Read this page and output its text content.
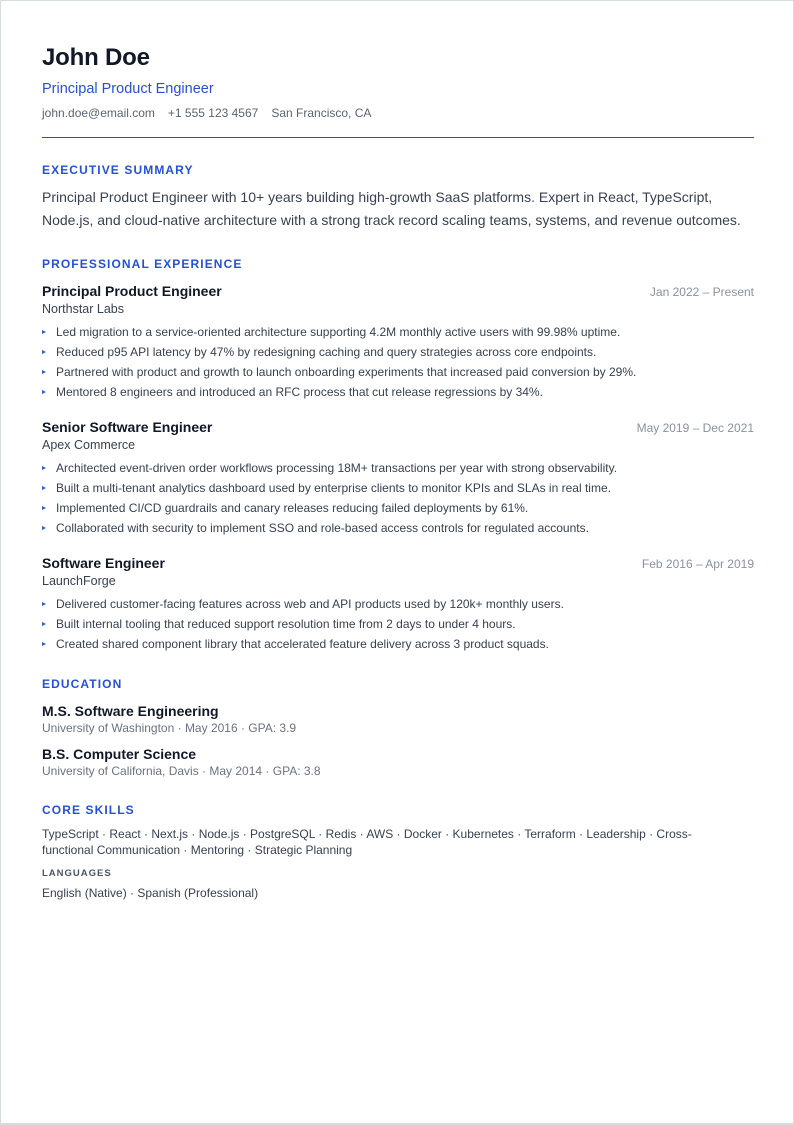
John Doe
Principal Product Engineer
john.doe@email.com +1 555 123 4567 San Francisco, CA
EXECUTIVE SUMMARY

Principal Product Engineer with 10+ years building high-growth SaaS platforms. Expert in React, TypeScript, Node.js, and cloud-native architecture with a strong track record scaling teams, systems, and revenue outcomes.

PROFESSIONAL EXPERIENCE
Principal Product Engineer	Jan 2022 – Present
Northstar Labs
Led migration to a service-oriented architecture supporting 4.2M monthly active users with 99.98% uptime.
Reduced p95 API latency by 47% by redesigning caching and query strategies across core endpoints.
Partnered with product and growth to launch onboarding experiments that increased paid conversion by 29%.
Mentored 8 engineers and introduced an RFC process that cut release regressions by 34%.
Senior Software Engineer	May 2019 – Dec 2021
Apex Commerce
Architected event-driven order workflows processing 18M+ transactions per year with strong observability.
Built a multi-tenant analytics dashboard used by enterprise clients to monitor KPIs and SLAs in real time.
Implemented CI/CD guardrails and canary releases reducing failed deployments by 61%.
Collaborated with security to implement SSO and role-based access controls for regulated accounts.
Software Engineer	Feb 2016 – Apr 2019
LaunchForge
Delivered customer-facing features across web and API products used by 120k+ monthly users.
Built internal tooling that reduced support resolution time from 2 days to under 4 hours.
Created shared component library that accelerated feature delivery across 3 product squads.
EDUCATION
M.S. Software Engineering
University of Washington · May 2016 · GPA: 3.9
B.S. Computer Science
University of California, Davis · May 2014 · GPA: 3.8
CORE SKILLS

TypeScript · React · Next.js · Node.js · PostgreSQL · Redis · AWS · Docker · Kubernetes · Terraform · Leadership · Cross-functional Communication · Mentoring · Strategic Planning

LANGUAGES
English (Native) · Spanish (Professional)
